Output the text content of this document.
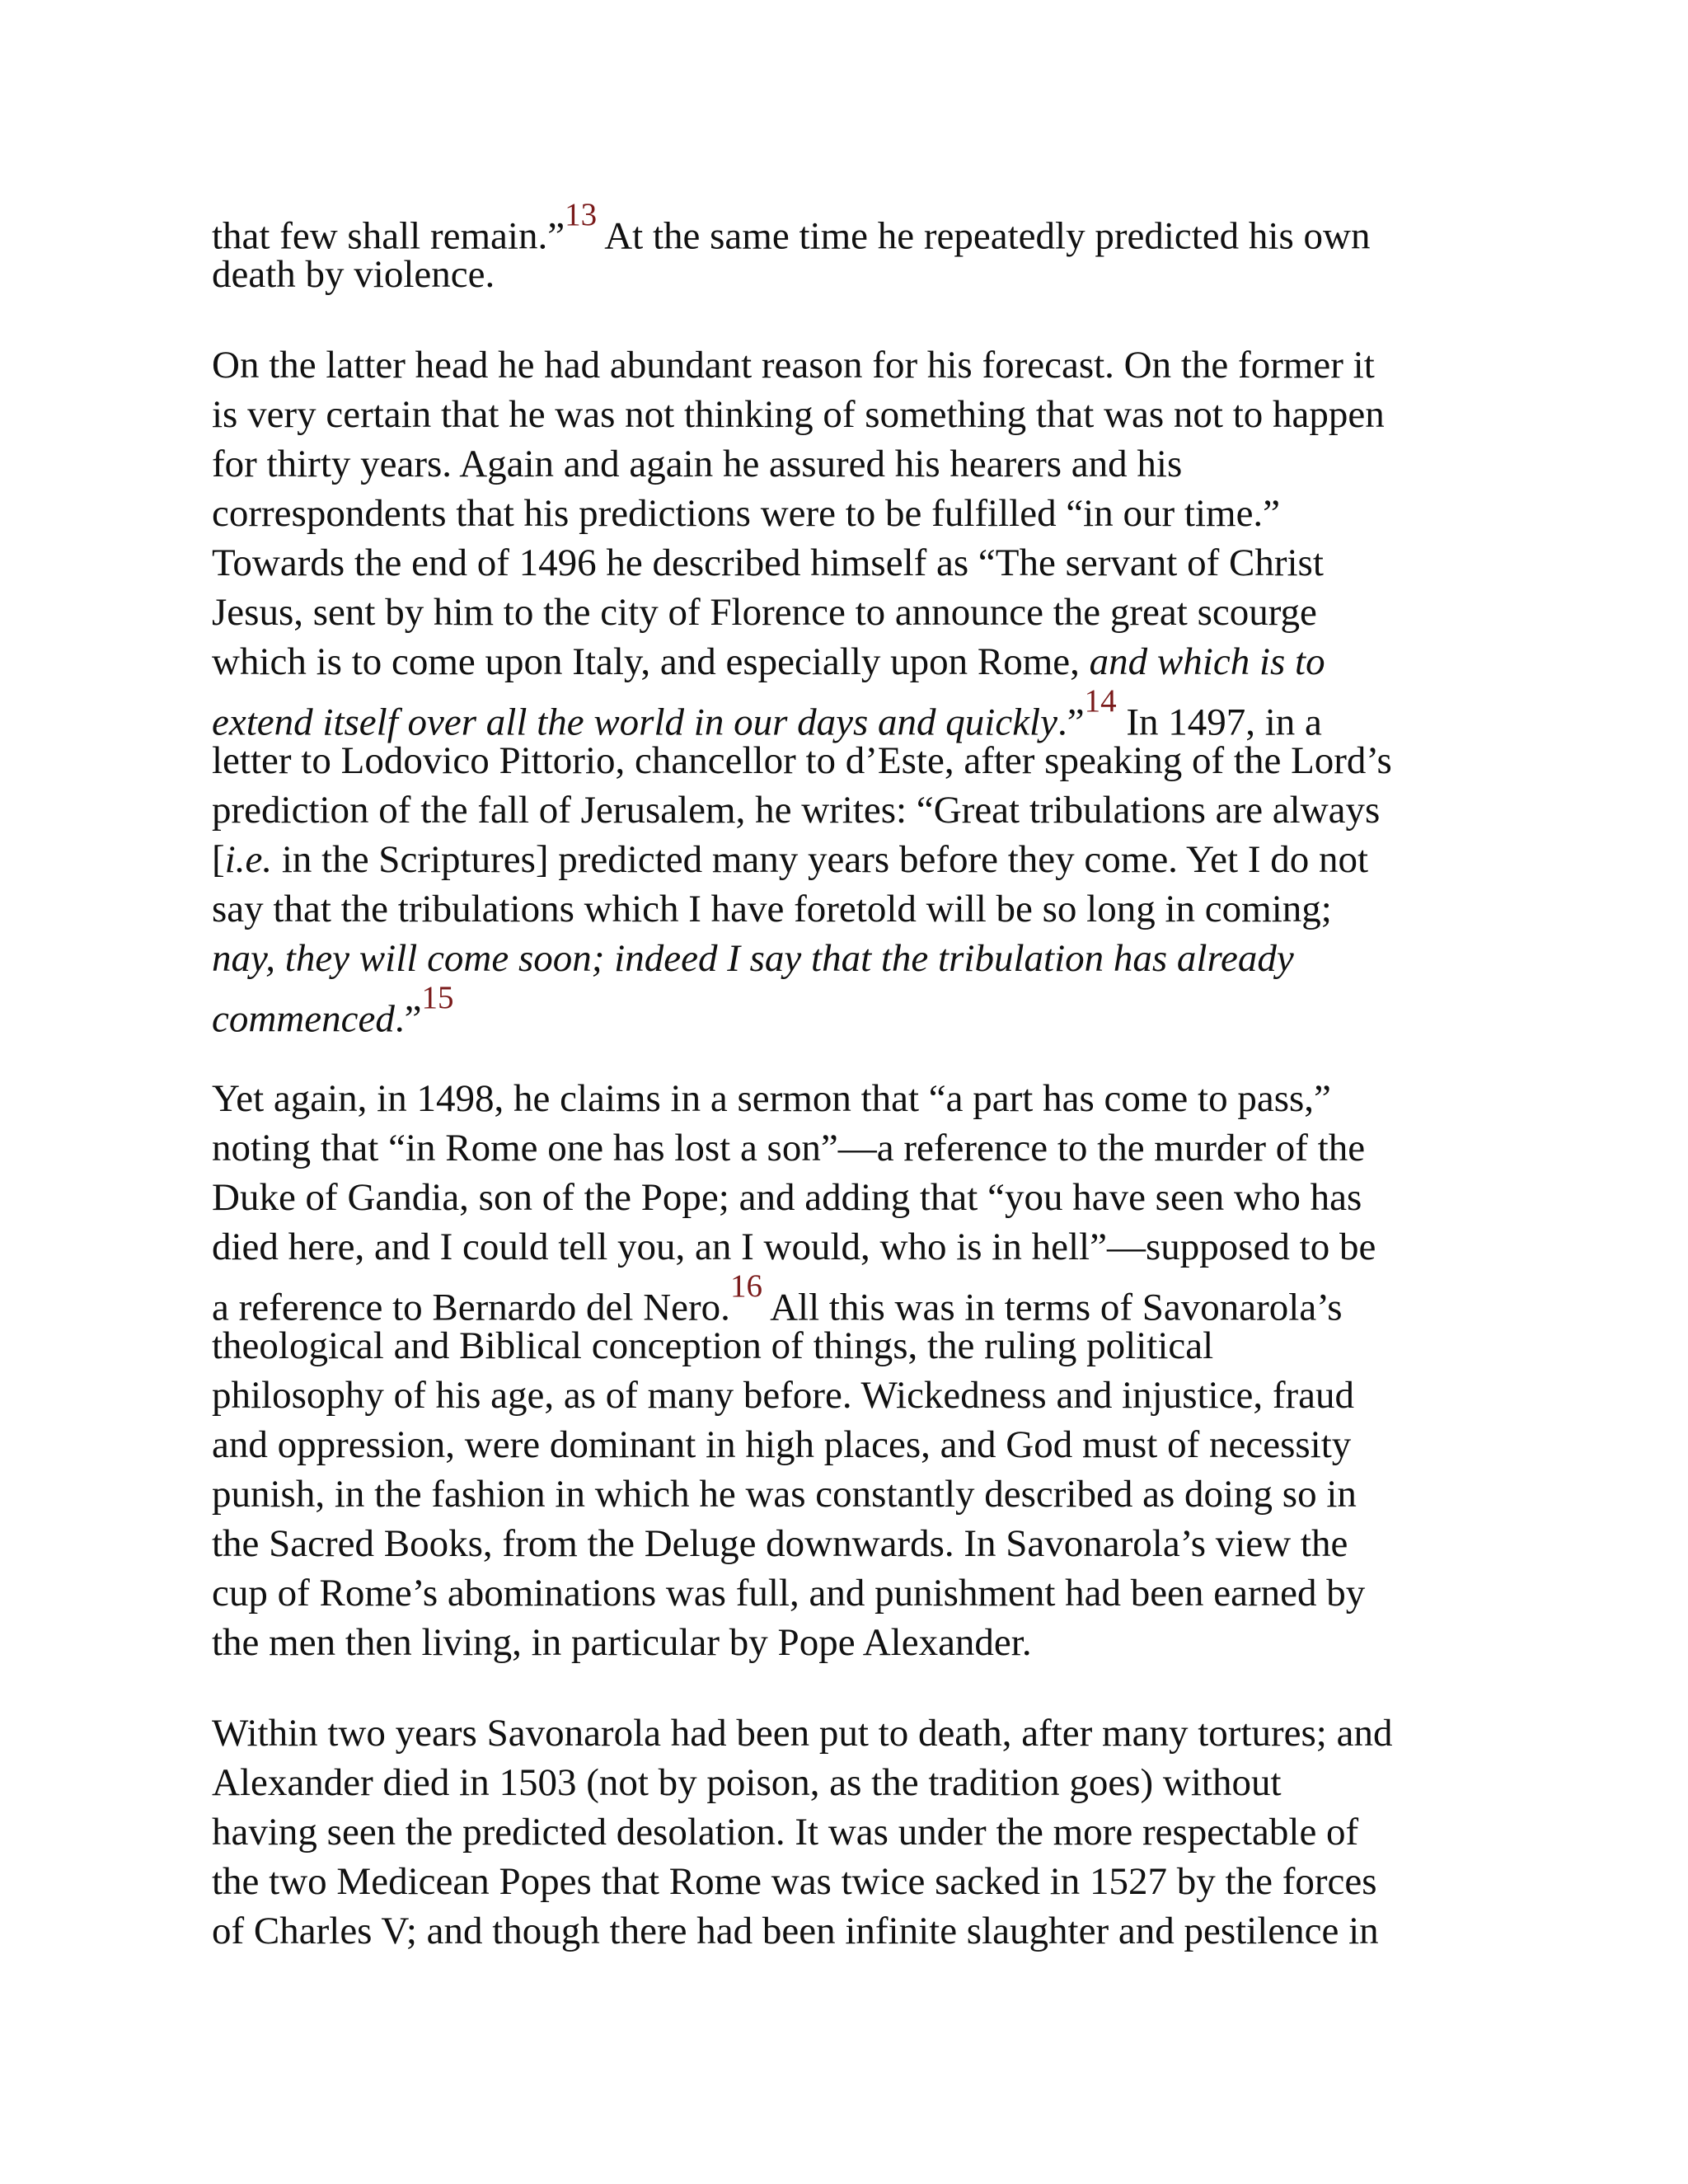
that few shall remain.”$^{13}$ At the same time he repeatedly predicted his own
death by violence.

On the latter head he had abundant reason for his forecast. On the former it
is very certain that he was not thinking of something that was not to happen
for thirty years. Again and again he assured his hearers and his
correspondents that his predictions were to be fulfilled “in our time.”
Towards the end of 1496 he described himself as “The servant of Christ
Jesus, sent by him to the city of Florence to announce the great scourge
which is to come upon Italy, and especially upon Rome, and which is to
extend itself over all the world in our days and quickly.”$^{14}$ In 1497, in a
letter to Lodovico Pittorio, chancellor to d’Este, after speaking of the Lord’s
prediction of the fall of Jerusalem, he writes: “Great tribulations are always
[i.e. in the Scriptures] predicted many years before they come. Yet I do not
say that the tribulations which I have foretold will be so long in coming;
nay, they will come soon; indeed I say that the tribulation has already
commenced.”$^{15}$

Yet again, in 1498, he claims in a sermon that “a part has come to pass,”
noting that “in Rome one has lost a son”—a reference to the murder of the
Duke of Gandia, son of the Pope; and adding that “you have seen who has
died here, and I could tell you, an I would, who is in hell”—supposed to be
a reference to Bernardo del Nero.$^{16}$ All this was in terms of Savonarola’s
theological and Biblical conception of things, the ruling political
philosophy of his age, as of many before. Wickedness and injustice, fraud
and oppression, were dominant in high places, and God must of necessity
punish, in the fashion in which he was constantly described as doing so in
the Sacred Books, from the Deluge downwards. In Savonarola’s view the
cup of Rome’s abominations was full, and punishment had been earned by
the men then living, in particular by Pope Alexander.

Within two years Savonarola had been put to death, after many tortures; and
Alexander died in 1503 (not by poison, as the tradition goes) without
having seen the predicted desolation. It was under the more respectable of
the two Medicean Popes that Rome was twice sacked in 1527 by the forces
of Charles V; and though there had been infinite slaughter and pestilence in
